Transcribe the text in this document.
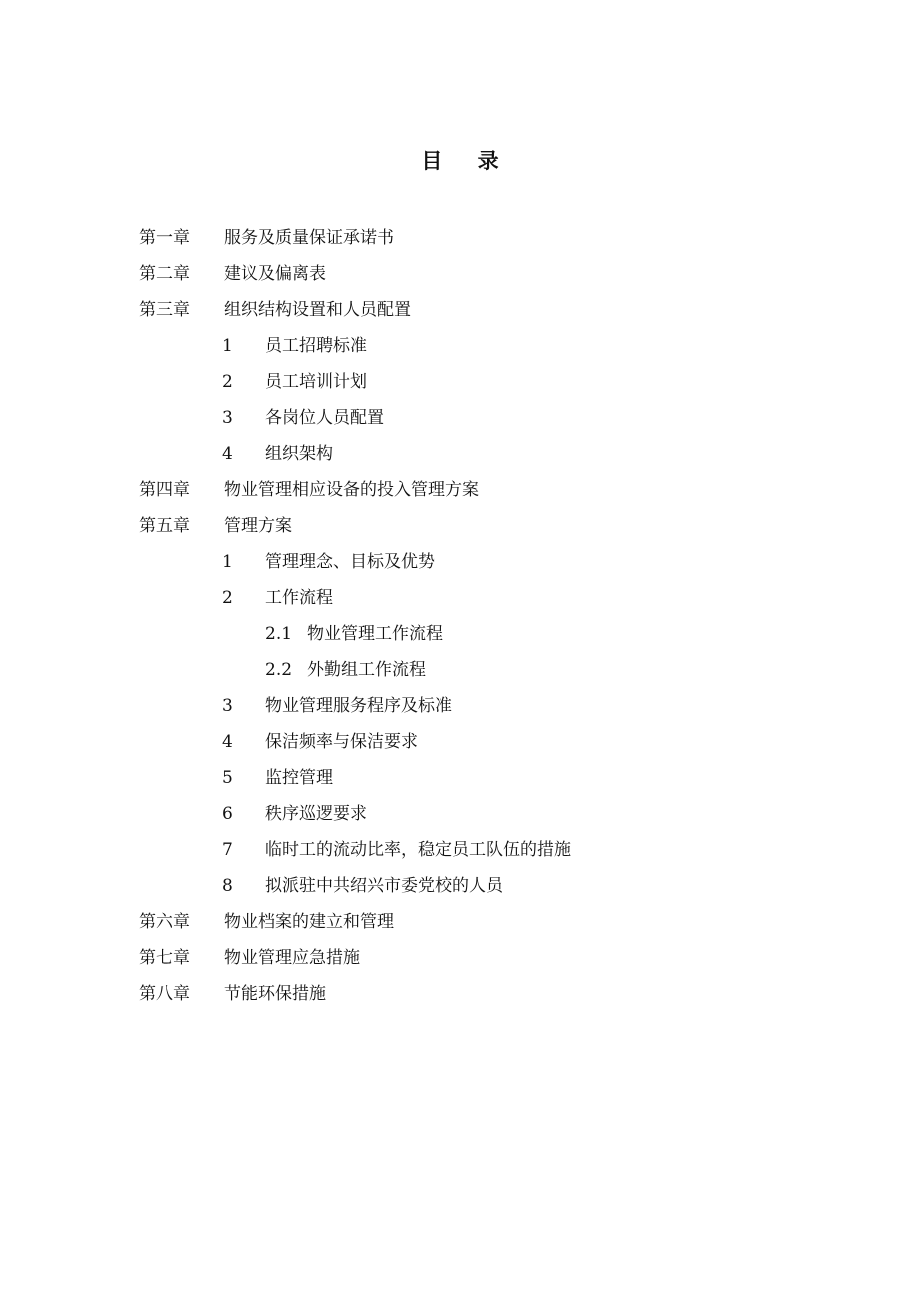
目 录
第一章 服务及质量保证承诺书
第二章 建议及偏离表
第三章 组织结构设置和人员配置
1 员工招聘标准
2 员工培训计划
3 各岗位人员配置
4 组织架构
第四章 物业管理相应设备的投入管理方案
第五章 管理方案
1 管理理念、目标及优势
2 工作流程
2.1 物业管理工作流程
2.2 外勤组工作流程
3 物业管理服务程序及标准
4 保洁频率与保洁要求
5 监控管理
6 秩序巡逻要求
7 临时工的流动比率，稳定员工队伍的措施
8 拟派驻中共绍兴市委党校的人员
第六章 物业档案的建立和管理
第七章 物业管理应急措施
第八章 节能环保措施
